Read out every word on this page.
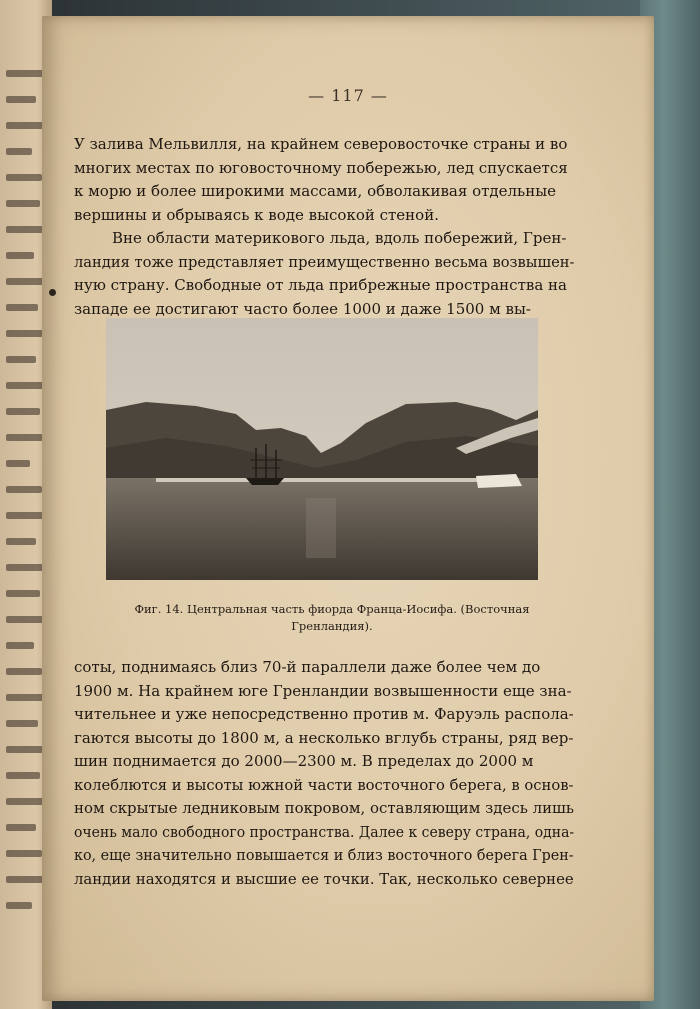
— 117 —
У залива Мельвилля, на крайнем северовосточке страны и во
многих местах по юговосточному побережью, лед спускается
к морю и более широкими массами, обволакивая отдельные
вершины и обрываясь к воде высокой стеной.
Вне области материкового льда, вдоль побережий, Грен-
ландия тоже представляет преимущественно весьма возвышен-
ную страну. Свободные от льда прибрежные пространства на
западе ее достигают часто более 1000 и даже 1500 м вы-
Фиг. 14. Центральная часть фиорда Франца-Иосифа. (Восточная
Гренландия).
соты, поднимаясь близ 70-й параллели даже более чем до
1900 м. На крайнем юге Гренландии возвышенности еще зна-
чительнее и уже непосредственно против м. Фаруэль распола-
гаются высоты до 1800 м, а несколько вглубь страны, ряд вер-
шин поднимается до 2000—2300 м. В пределах до 2000 м
колеблются и высоты южной части восточного берега, в основ-
ном скрытые ледниковым покровом, оставляющим здесь лишь
очень мало свободного пространства. Далее к северу страна, одна-
ко, еще значительно повышается и близ восточного берега Грен-
ландии находятся и высшие ее точки. Так, несколько севернее
